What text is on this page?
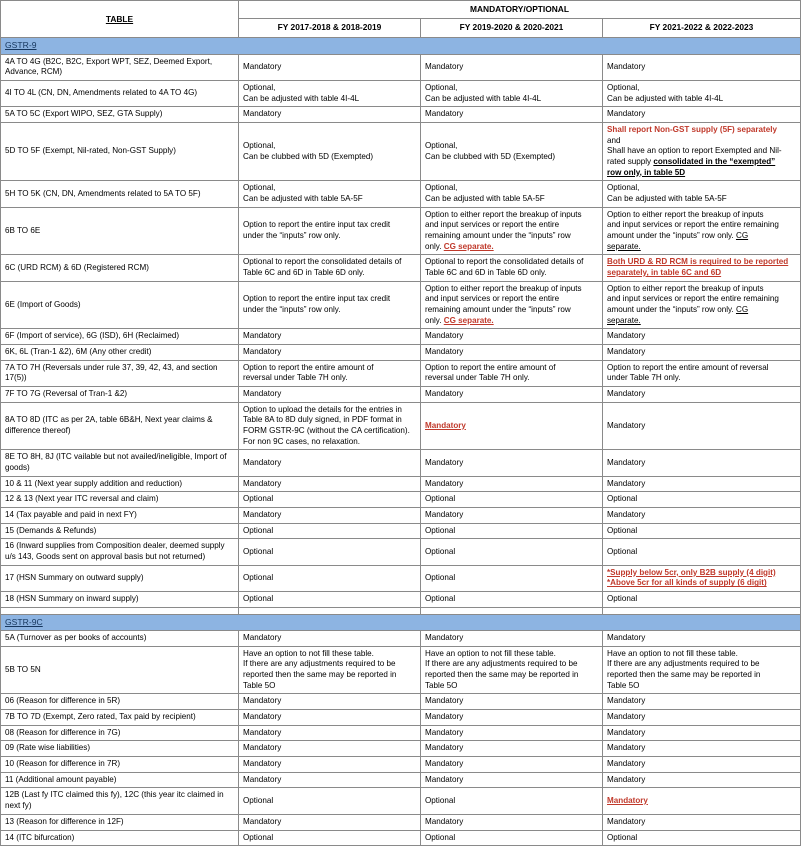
TABLE	MANDATORY/OPTIONAL		
	FY 2017-2018 & 2018-2019	FY 2019-2020 & 2020-2021	FY 2021-2022 & 2022-2023
GSTR-9			
4A TO 4G (B2C, B2C, Export WPT, SEZ, Deemed Export, Advance, RCM)	Mandatory	Mandatory	Mandatory

4I TO 4L (CN, DN, Amendments related to 4A TO 4G)	Optional,
Can be adjusted with table 4I-4L	Optional,
Can be adjusted with table 4I-4L	Optional,
Can be adjusted with table 4I-4L

5A TO 5C (Export WIPO, SEZ, GTA Supply)	Mandatory	Mandatory	Mandatory

5D TO 5F (Exempt, Nil-rated, Non-GST Supply)	Optional,
Can be clubbed with 5D (Exempted)	Optional,
Can be clubbed with 5D (Exempted)	Shall report Non-GST supply (5F) separately
and
Shall have an option to report Exempted and Nil-
rated supply consolidated in the “exempted”
row only, in table 5D

5H TO 5K (CN, DN, Amendments related to 5A TO 5F)	Optional,
Can be adjusted with table 5A-5F	Optional,
Can be adjusted with table 5A-5F	Optional,
Can be adjusted with table 5A-5F

6B TO 6E	Option to report the entire input tax credit
under the “inputs” row only.	Option to either report the breakup of inputs
and input services or report the entire
remaining amount under the “inputs” row
only. CG separate.	Option to either report the breakup of inputs
and input services or report the entire remaining
amount under the “inputs” row only. CG
separate.

6C (URD RCM) & 6D (Registered RCM)	Optional to report the consolidated details of
Table 6C and 6D in Table 6D only.	Optional to report the consolidated details of
Table 6C and 6D in Table 6D only.	Both URD & RD RCM is required to be reported
separately, in table 6C and 6D

6E (Import of Goods)	Option to report the entire input tax credit
under the “inputs” row only.	Option to either report the breakup of inputs
and input services or report the entire
remaining amount under the “inputs” row
only. CG separate.	Option to either report the breakup of inputs
and input services or report the entire remaining
amount under the “inputs” row only. CG
separate.

6F (Import of service), 6G (ISD), 6H (Reclaimed)	Mandatory	Mandatory	Mandatory

6K, 6L (Tran-1 &2), 6M (Any other credit)	Mandatory	Mandatory	Mandatory

7A TO 7H (Reversals under rule 37, 39, 42, 43, and section 17(5))	Option to report the entire amount of
reversal under Table 7H only.	Option to report the entire amount of
reversal under Table 7H only.	Option to report the entire amount of reversal
under Table 7H only.

7F TO 7G (Reversal of Tran-1 &2)	Mandatory	Mandatory	Mandatory

8A TO 8D (ITC as per 2A, table 6B&H, Next year claims & difference thereof)	Option to upload the details for the entries in
Table 8A to 8D duly signed, in PDF format in
FORM GSTR-9C (without the CA certification).
For non 9C cases, no relaxation.	Mandatory	Mandatory

8E TO 8H, 8J (ITC vailable but not availed/ineligible, Import of goods)	Mandatory	Mandatory	Mandatory

10 & 11 (Next year supply addition and reduction)	Mandatory	Mandatory	Mandatory

12 & 13 (Next year ITC reversal and claim)	Optional	Optional	Optional

14 (Tax payable and paid in next FY)	Mandatory	Mandatory	Mandatory

15 (Demands & Refunds)	Optional	Optional	Optional

16 (Inward supplies from Composition dealer, deemed supply u/s 143, Goods sent on approval basis but not returned)	Optional	Optional	Optional

17 (HSN Summary on outward supply)	Optional	Optional	*Supply below 5cr, only B2B supply (4 digit)
*Above 5cr for all kinds of supply (6 digit)

18 (HSN Summary on inward supply)	Optional	Optional	Optional

GSTR-9C			
5A (Turnover as per books of accounts)	Mandatory	Mandatory	Mandatory

5B TO 5N	Have an option to not fill these table.
If there are any adjustments required to be
reported then the same may be reported in
Table 5O	Have an option to not fill these table.
If there are any adjustments required to be
reported then the same may be reported in
Table 5O	Have an option to not fill these table.
If there are any adjustments required to be
reported then the same may be reported in
Table 5O

06 (Reason for difference in 5R)	Mandatory	Mandatory	Mandatory

7B TO 7D (Exempt, Zero rated, Tax paid by recipient)	Mandatory	Mandatory	Mandatory

08 (Reason for difference in 7G)	Mandatory	Mandatory	Mandatory

09 (Rate wise liabilities)	Mandatory	Mandatory	Mandatory

10 (Reason for difference in 7R)	Mandatory	Mandatory	Mandatory

11 (Additional amount payable)	Mandatory	Mandatory	Mandatory

12B (Last fy ITC claimed this fy), 12C (this year itc claimed in next fy)	Optional	Optional	Mandatory

13 (Reason for difference in 12F)	Mandatory	Mandatory	Mandatory

14 (ITC bifurcation)	Optional	Optional	Optional
